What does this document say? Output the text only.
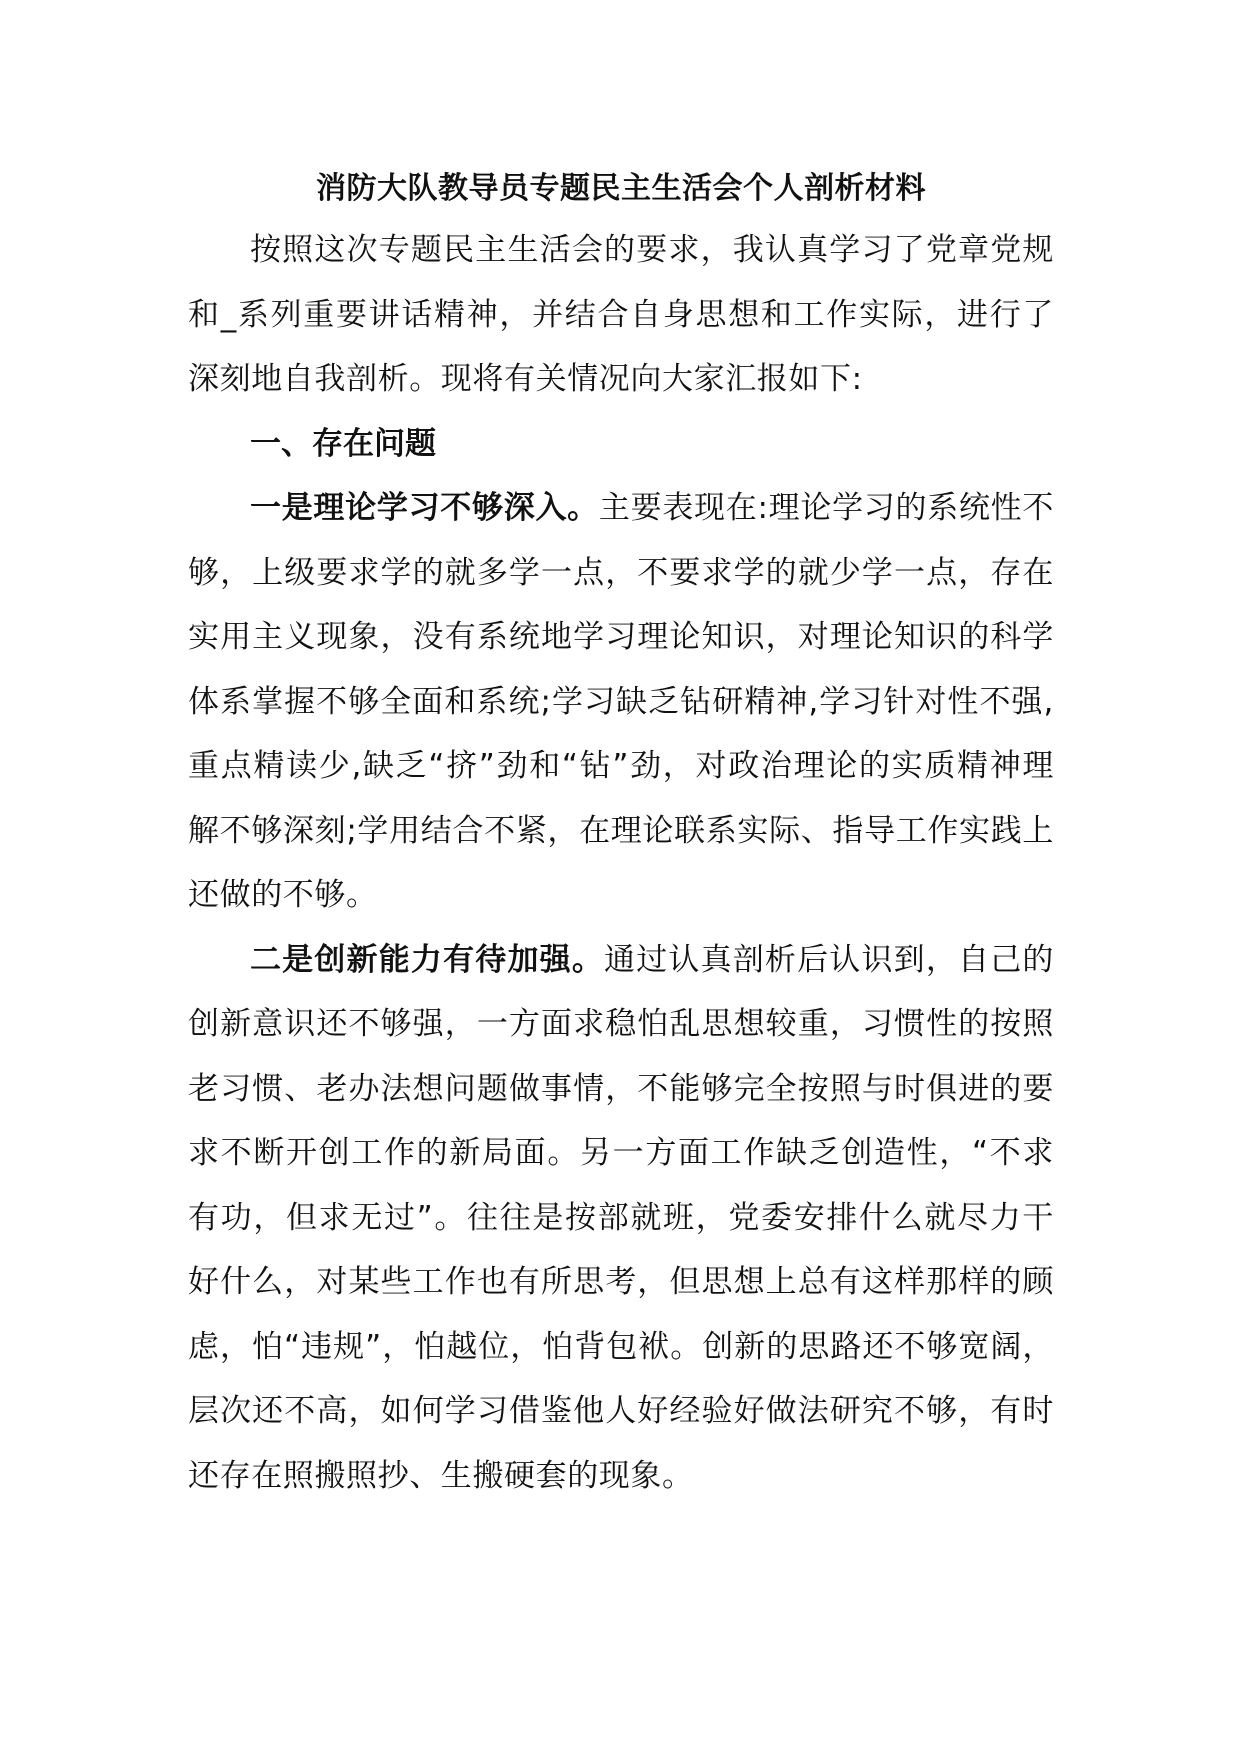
消防大队教导员专题民主生活会个人剖析材料

按照这次专题民主生活会的要求，我认真学习了党章党规和_系列重要讲话精神，并结合自身思想和工作实际，进行了深刻地自我剖析。现将有关情况向大家汇报如下:

一、存在问题

一是理论学习不够深入。主要表现在:理论学习的系统性不够，上级要求学的就多学一点，不要求学的就少学一点，存在实用主义现象，没有系统地学习理论知识，对理论知识的科学体系掌握不够全面和系统;学习缺乏钻研精神,学习针对性不强,重点精读少,缺乏“挤”劲和“钻”劲，对政治理论的实质精神理解不够深刻;学用结合不紧，在理论联系实际、指导工作实践上还做的不够。

二是创新能力有待加强。通过认真剖析后认识到，自己的创新意识还不够强，一方面求稳怕乱思想较重，习惯性的按照老习惯、老办法想问题做事情，不能够完全按照与时俱进的要求不断开创工作的新局面。另一方面工作缺乏创造性，“不求有功，但求无过”。往往是按部就班，党委安排什么就尽力干好什么，对某些工作也有所思考，但思想上总有这样那样的顾虑，怕“违规”，怕越位，怕背包袱。创新的思路还不够宽阔，层次还不高，如何学习借鉴他人好经验好做法研究不够，有时还存在照搬照抄、生搬硬套的现象。
